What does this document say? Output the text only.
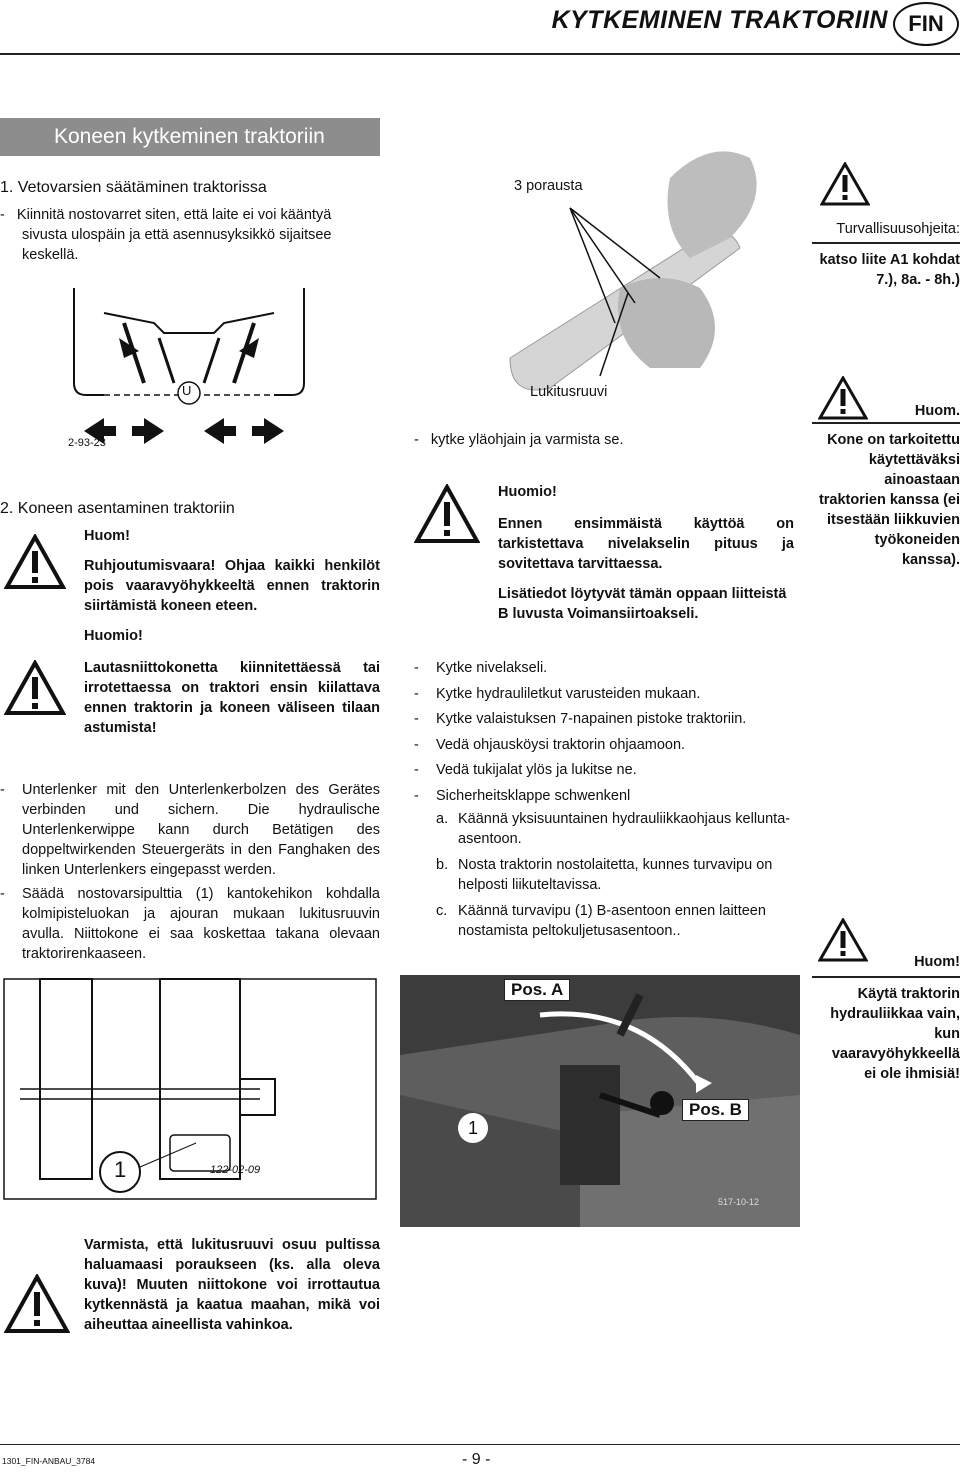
KYTKEMINEN TRAKTORIIN FIN
Koneen kytkeminen traktoriin
1. Vetovarsien säätäminen traktorissa
-   Kiinnitä nostovarret siten, että laite ei voi kääntyä sivusta ulospäin ja että asennusyksikkö sijaitsee keskellä.
U
2-93-23
3 porausta
Lukitusruuvi
Turvallisuusohjeita:
katso liite A1 kohdat 7.), 8a. - 8h.)
Huom.
Kone on tarkoitettu käytettäväksi ainoastaan traktorien kanssa (ei itsestään liikkuvien työkoneiden kanssa).
2. Koneen asentaminen traktoriin
Huom!
Ruhjoutumisvaara! Ohjaa kaikki henkilöt pois vaaravyöhykkeeltä ennen traktorin siirtämistä koneen eteen.
Huomio!
Lautasniittokonetta kiinnitettäessä tai irrotettaessa on traktori ensin kiilattava ennen traktorin ja koneen väliseen tilaan astumista!
- Unterlenker mit den Unterlenkerbolzen des Gerätes verbinden und sichern. Die hydraulische Unterlenkerwippe kann durch Betätigen des doppeltwirkenden Steuergeräts in den Fanghaken des linken Unterlenkers eingepasst werden.
- Säädä nostovarsipulttia (1) kantokehikon kohdalla kolmipisteluokan ja ajouran mukaan lukitusruuvin avulla. Niittokone ei saa koskettaa takana olevaan traktorirenkaaseen.
1	122-02-09
-   kytke yläohjain ja varmista se.
Huomio!
Ennen ensimmäistä käyttöä on tarkistettava nivelakselin pituus ja sovitettava tarvittaessa.
Lisätiedot löytyvät tämän oppaan liitteistä B luvusta Voimansiirtoakseli.
- Kytke nivelakseli.
- Kytke hydrauliletkut varusteiden mukaan.
- Kytke valaistuksen 7-napainen pistoke traktoriin.
- Vedä ohjausköysi traktorin ohjaamoon.
- Vedä tukijalat ylös ja lukitse ne.
- Sicherheitsklappe schwenkenl
a. Käännä yksisuuntainen hydrauliikkaohjaus kellunta-asentoon.
b. Nosta traktorin nostolaitetta, kunnes turvavipu on helposti liikuteltavissa.
c. Käännä turvavipu (1) B-asentoon ennen laitteen nostamista peltokuljetusasentoon..
Pos. A
Pos. B
1
517-10-12
Huom!
Käytä traktorin hydrauliikkaa vain, kun vaaravyöhykkeellä ei ole ihmisiä!
Varmista, että lukitusruuvi osuu pultissa haluamaasi poraukseen (ks. alla oleva kuva)! Muuten niittokone voi irrottautua kytkennästä ja kaatua maahan, mikä voi aiheuttaa aineellista vahinkoa.
1301_FIN-ANBAU_3784	- 9 -
